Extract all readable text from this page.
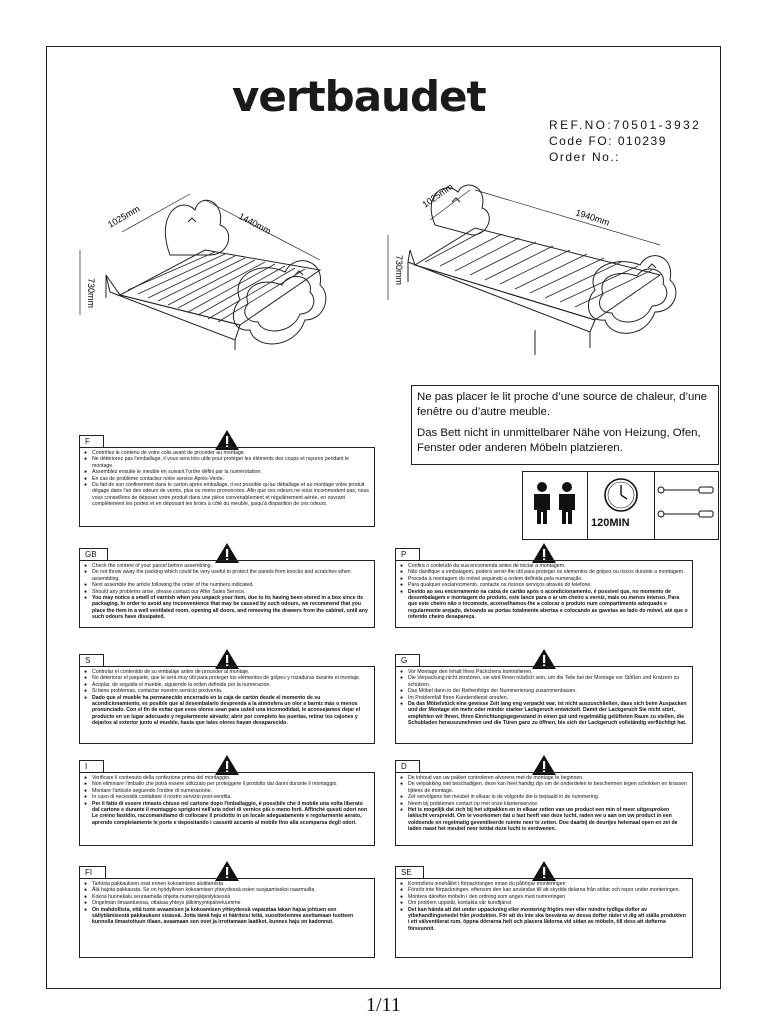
vertbaudet
REF.NO:70501-3932
Code FO: 010239
Order No.:
1025mm	1440mm
730mm
1025mm
1940mm
730mm

Ne pas placer le lit proche d’une source de chaleur, d’une fenêtre ou d’autre meuble.

Das Bett nicht in unmittelbarer Nähe von Heizung, Ofen, Fenster oder anderen Möbeln platzieren.

120MIN
F
● Contrôlez le contenu de votre colis avant de procéder au montage.
● Ne détériorez pas l'emballage, il vous sera très utile pour protéger les éléments des coups et rayures pendant le montage.
● Assemblez ensuite le meuble en suivant l'ordre défini par la numérotation.
● En cas de problème contactez notre service Après-Vente.
● Du fait de son confinement dans le carton après emballage, il est possible qu'au déballage et au montage votre produit dégage dans l'air des odeurs de vernis, plus ou moins prononcées. Afin que ces odeurs ne vous incommodent pas, nous vous conseillons de déposer votre produit dans une pièce convenablement et régulièrement aérée, en ouvrant complètement les portes et en déposant les tiroirs à côté du meuble, jusqu'à disparition de ces odeurs.
GB
● Check the content of your parcel before assembling.
● Do not throw away the packing which could be very useful to protect the panels from knocks and scratches when assembling.
● Next assemble the article following the order of the numbers indicated.
● Should any problems arise, please contact our After Sales Service.
● You may notice a smell of varnish when you unpack your item, due to its having been stored in a box since its packaging. In order to avoid any inconvenience that may be caused by such odours, we recommend that you place the item in a well ventilated room, opening all doors, and removing the drawers from the cabinet, until any such odours have dissipated.
P
● Confira o conteúdo da sua encomenda antes de iniciar a montagem.
● Não danifique a embalagem, poderá servir-lhe útil para proteger os elementos de golpes ou riscos durante a montagem.
● Proceda à montagem do móvel seguindo a ordem definida pela numeração.
● Para qualquer esclarecimento, contacte os nossos serviços através do telefone.
● Devido ao seu encerramento na caixa de cartão após o acondicionamento, é possível que, no momento de desembalagem e montagem do produto, este lance para o ar um cheiro a verniz, mais ou menos intenso. Para que este cheiro não o incomode, aconselhamos-lhe a colocar o produto num compartimento adequado e regularmente arejado, deixando as portas totalmente abertas e colocando as gavetas ao lado do móvel, até que o referido cheiro desapareça.
S
● Controlar el contenido de su embalaje antes de proceder al montaje.
● No deteriorar el paquete, que le será muy útil para proteger los elementos de golpes y rozaduras durante el montaje.
● Acoplar, de seguida el mueble, siguiendo la orden definida por la numeración.
● Si tiene problemas, contactar nuestro servicio postventa.
● Dado que el mueble ha permanecido encerrado en la caja de cartón desde el momento de su acondicionamiento, es posible que al desembalarlo desprenda a la atmósfera un olor a barniz más o menos pronunciado. Con el fin de evitar que esos olores sean para usted una incomodidad, le aconsejamos dejar el producto en un lugar adecuado y regularmente aireado; abrir por completo las puertas, retirar los cajones y dejarlos al exterior junto al mueble, hasta que tales olores hayan desaparecido.
G
● Vor Montage den Inhalt Ihres Päckchens kontrollieren.
● Die Verpackung nicht zerstören, sie wird Ihnen nützlich sein, um die Teile bei der Montage vor Stößen und Kratzern zu schützen.
● Das Möbel dann in der Reihenfolge der Nummerierung zusammenbauen.
● Im Problemfall Ihren Kundendienst anrufen.
● Da das Möbelstück eine gewisse Zeit lang eng verpackt war, ist nicht auszuschließen, dass sich beim Auspacken und der Montage ein mehr oder minder starker Lackgeruch entwickelt. Damit der Lackgeruch Sie nicht stört, empfehlen wir Ihnen, Ihren Einrichtungsgegenstand in einen gut und regelmäßig gelüfteten Raum zu stellen, die Schubladen herauszunehmen und die Türen ganz zu öffnen, bis sich der Lackgeruch vollständig verflüchtigt hat.
I
● Verificare il contenuto della confezione prima del montaggio.
● Non eliminare l'imballo che potrà essere utilizzato per proteggere il prodotto dai danni durante il montaggio.
● Montare l'articolo seguendo l'ordine di numerazione.
● In caso di necessità contattare il nostro servizio post-vendita.
● Per il fatto di essere rimasto chiuso nel cartone dopo l'imballaggio, è possibile che il mobile una volta liberato dal cartone e durante il montaggio sprigioni nell'aria odori di vernice più o meno forti. Affinché questi odori non Le creino fastidio, raccomandiamo di collocare il prodotto in un locale adeguatamente e regolarmente aerato, aprendo completamente le porte e depositando i cassetti accanto al mobile fino alla scomparsa degli odori.
D
● De inhoud van uw pakket controleren alvorens met de montage te beginnen.
● De verpakking niet beschadigen, deze kan heel handig zijn om de onderdelen te beschermen tegen schokken en krassen tijdens de montage.
● Zet vervolgens het meubel in elkaar in de volgorde die is bepaald in de nummering.
● Neem bij problemen contact op met onze klantenservice.
● Het is mogelijk dat zich bij het uitpakken en in elkaar zetten van uw product een min of meer uitgesproken laklucht verspreidt. Om te voorkomen dat u last heeft van deze lucht, raden we u aan om uw product in een voldoende en regelmatig geventileerde ruimte neer te zetten. Doe daarbij de deurtjes helemaal open en zet de laden naast het meubel neer totdat deze lucht is verdwenen.
FI
● Tarkista pakkauksen osat ennen kokoamisen aloittamista
● Älä hajota pakkausta. Se on hyödyllinen kokoamisen yhteydessä osien suojaamiseksi naarmuilta
● Kokoa huonekalu seuraamalla ohjeita numerojärjestyksessä
● Ongelman ilmaantuessa, ottakaa yhteys jälkimyyntipalveluumme
● On mahdollista, että tuote avaamisen ja kokoamisen yhteydessä vapauttaa lakan hajua johtuen sen säilyttämisestä pakkauksen sisässä. Jotta tämä haju ei häiritsisi teitä, suosittelemme asettamaan tuotteen kunnolla ilmastoituun tilaan, avaamaan sen ovet ja irrottamaan laatikot, kunnes haju on kadonnut.
SE
● Kontrollera innehållet i förpackningen innan du påbörjar monteringen
● Förstör inte förpackningen, eftersom den kan användas till att skydda delarna från stötar och repor under monteringen.
● Montera därefter möbeln i den ordning som anges med numreringen
● Om problem uppstår, kontakta vår kundtjänst
● Det kan hända att det under uppackning eller montering frigörs mer eller mindre tydliga dofter av ytbehandlingsmedel från produkten. För att du inte ska besväras av dessa dofter råder vi dig att ställa produkten i ett välventilerat rum, öppna dörrarna helt och placera lådorna vid sidan av möbeln, till dess att dofterna försvunnit.
1/11
